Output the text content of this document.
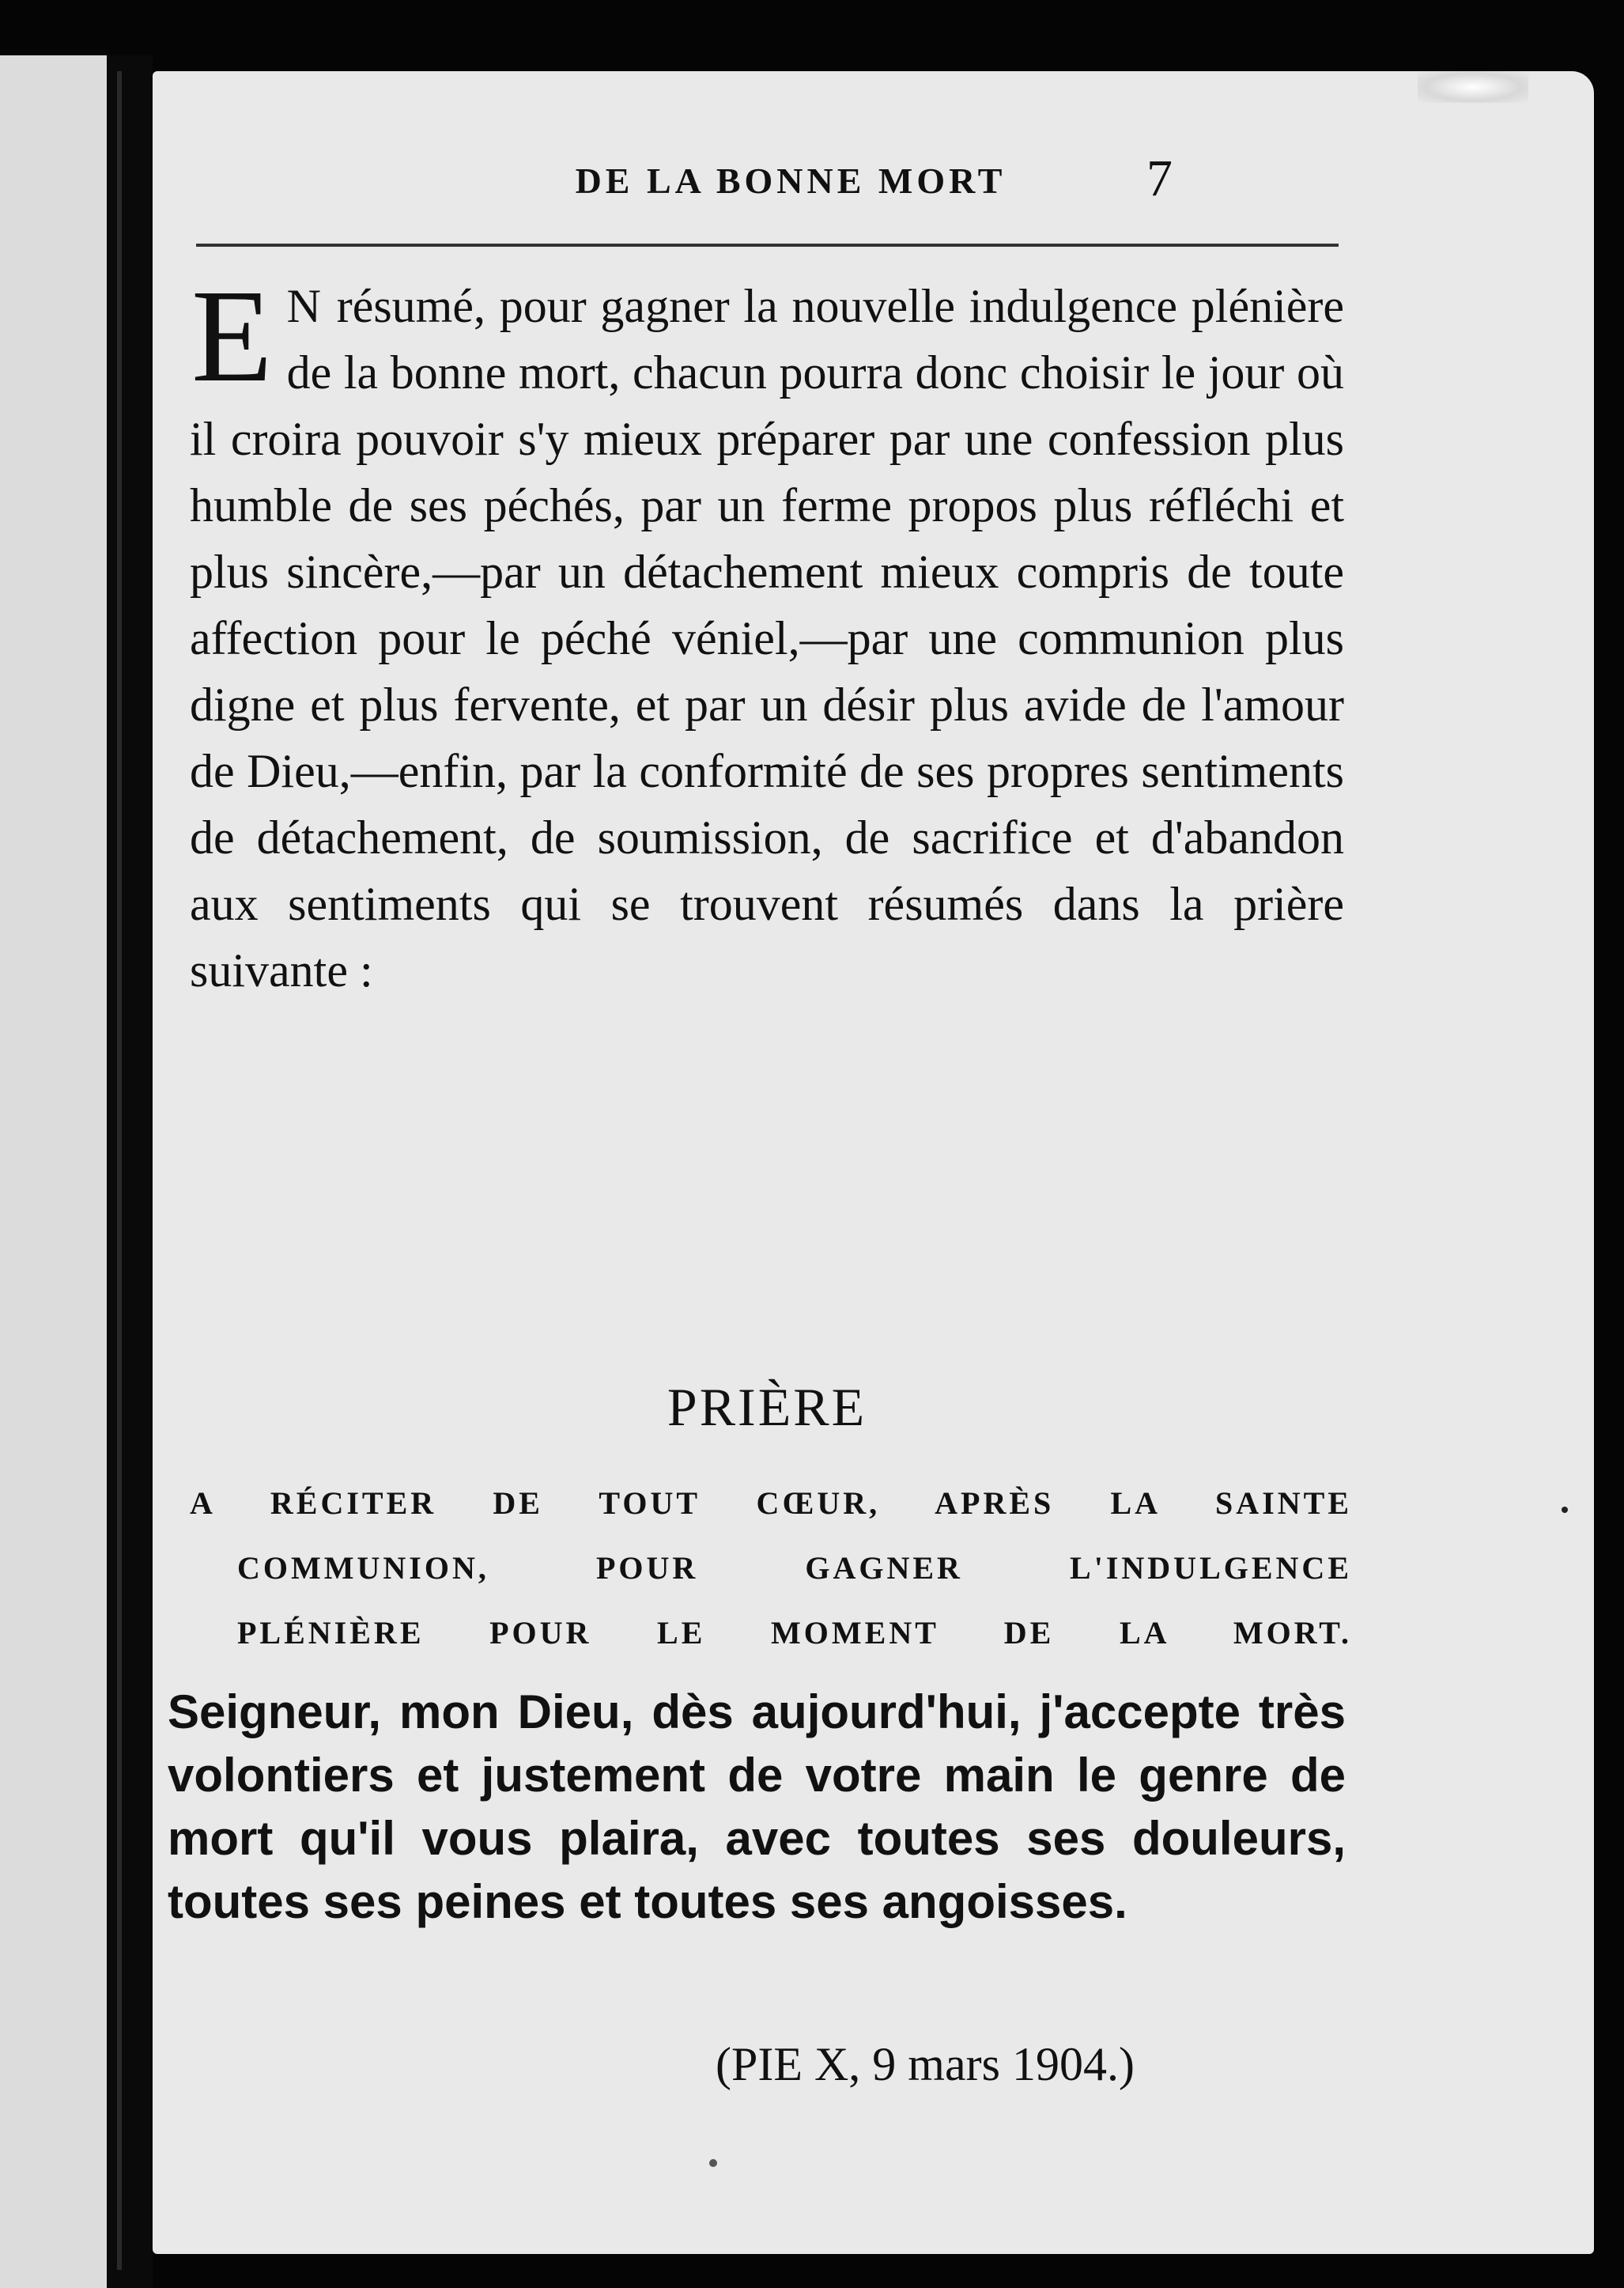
DE LA BONNE MORT	7
E N résumé, pour gagner la nouvelle indulgence plénière de la bonne mort, chacun pourra donc choisir le jour où il croira pouvoir s'y mieux préparer par une confession plus humble de ses péchés, par un ferme propos plus réfléchi et plus sincère,—par un détachement mieux compris de toute affection pour le péché véniel,—par une communion plus digne et plus fervente, et par un désir plus avide de l'amour de Dieu,—enfin, par la conformité de ses propres sentiments de détachement, de soumission, de sacrifice et d'abandon aux sentiments qui se trouvent résumés dans la prière suivante :
PRIÈRE
A RÉCITER DE TOUT CŒUR, APRÈS LA SAINTE
COMMUNION, POUR GAGNER L'INDULGENCE
PLÉNIÈRE POUR LE MOMENT DE LA MORT.
Seigneur, mon Dieu, dès aujourd'hui, j'accepte très volontiers et justement de votre main le genre de mort qu'il vous plaira, avec toutes ses douleurs, toutes ses peines et toutes ses angoisses.
(PIE X, 9 mars 1904.)
